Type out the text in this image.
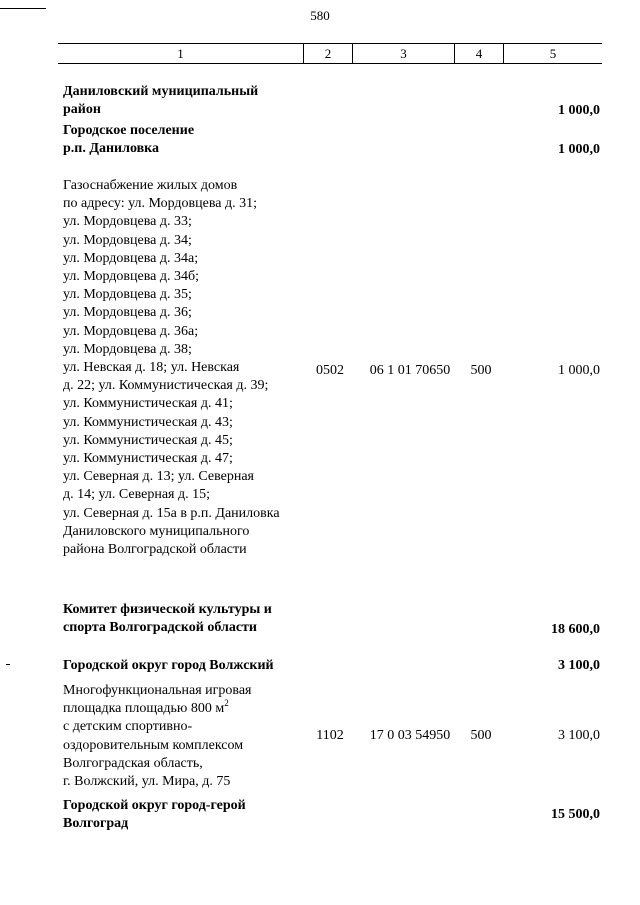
580
1	2	3	4	5
Даниловский муниципальный
район	1 000,0
Городское поселение
р.п. Даниловка	1 000,0
Газоснабжение жилых домов
по адресу: ул. Мордовцева д. 31;
ул. Мордовцева д. 33;
ул. Мордовцева д. 34;
ул. Мордовцева д. 34а;
ул. Мордовцева д. 34б;
ул. Мордовцева д. 35;
ул. Мордовцева д. 36;
ул. Мордовцева д. 36а;
ул. Мордовцева д. 38;
ул. Невская д. 18; ул. Невская
д. 22; ул. Коммунистическая д. 39;
ул. Коммунистическая д. 41;
ул. Коммунистическая д. 43;
ул. Коммунистическая д. 45;
ул. Коммунистическая д. 47;
ул. Северная д. 13; ул. Северная
д. 14; ул. Северная д. 15;
ул. Северная д. 15а в р.п. Даниловка
Даниловского муниципального
района Волгоградской области
0502	06 1 01 70650	500	1 000,0
Комитет физической культуры и
спорта Волгоградской области	18 600,0
Городской округ город Волжский	3 100,0
Многофункциональная игровая
площадка площадью 800 $м^2$
с детским спортивно-
оздоровительным комплексом
Волгоградская область,
г. Волжский, ул. Мира, д. 75
1102	17 0 03 54950	500	3 100,0
Городской округ город-герой
Волгоград
15 500,0
